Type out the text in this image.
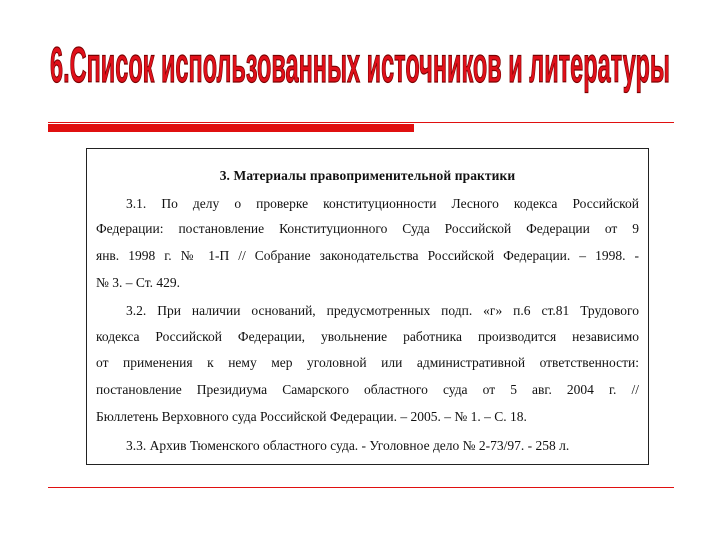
6.Список использованных источников и литературы
3. Материалы правоприменительной практики
3.1. По делу о проверке конституционности Лесного кодекса Российской
Федерации: постановление Конституционного Суда Российской Федерации от 9
янв. 1998 г. № 1-П // Собрание законодательства Российской Федерации. – 1998. -
№ 3. – Ст. 429.
3.2. При наличии оснований, предусмотренных подп. «г» п.6 ст.81 Трудового
кодекса Российской Федерации, увольнение работника производится независимо
от применения к нему мер уголовной или административной ответственности:
постановление Президиума Самарского областного суда от 5 авг. 2004 г. //
Бюллетень Верховного суда Российской Федерации. – 2005. – № 1. – С. 18.
3.3. Архив Тюменского областного суда. - Уголовное дело № 2-73/97. - 258 л.
